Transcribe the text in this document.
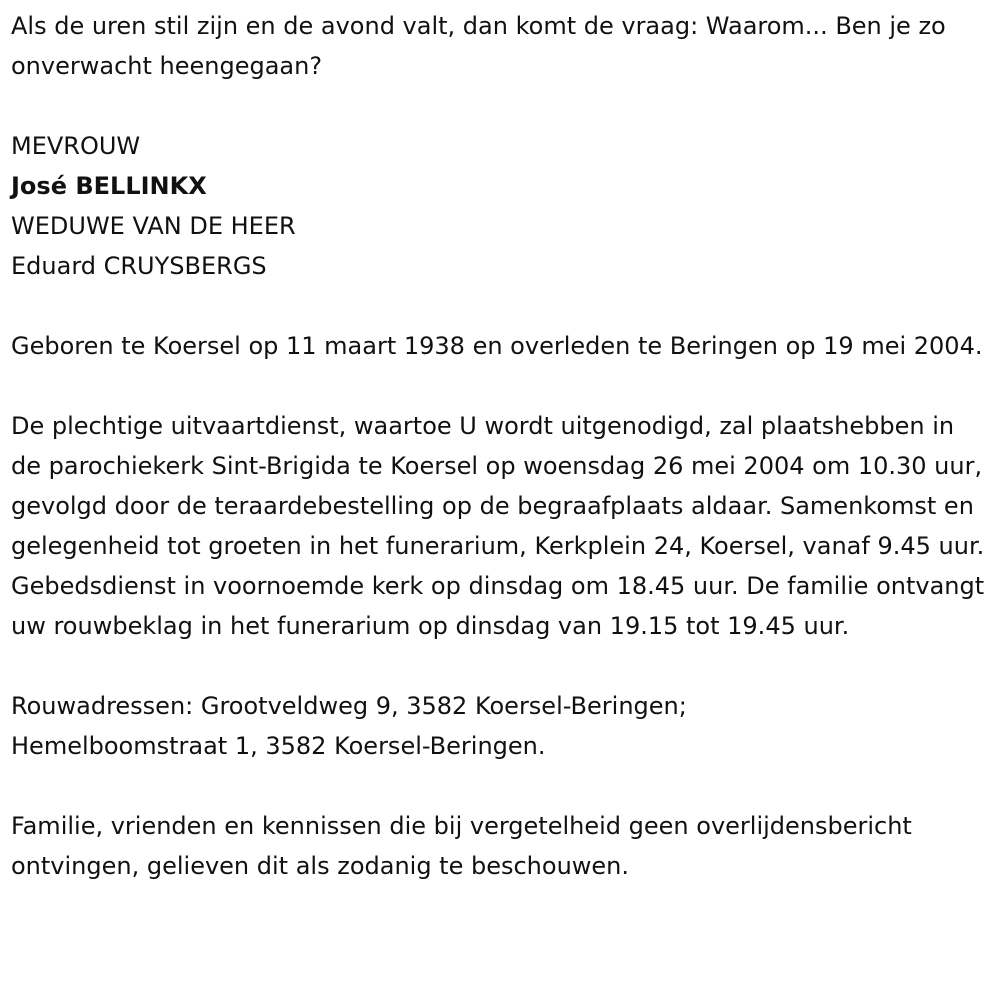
Als de uren stil zijn en de avond valt, dan komt de vraag: Waarom... Ben je zo onverwacht heengegaan?

MEVROUW
José BELLINKX
WEDUWE VAN DE HEER
Eduard CRUYSBERGS

Geboren te Koersel op 11 maart 1938 en overleden te Beringen op 19 mei 2004.

De plechtige uitvaartdienst, waartoe U wordt uitgenodigd, zal plaatshebben in de parochiekerk Sint-Brigida te Koersel op woensdag 26 mei 2004 om 10.30 uur, gevolgd door de teraardebestelling op de begraafplaats aldaar. Samenkomst en gelegenheid tot groeten in het funerarium, Kerkplein 24, Koersel, vanaf 9.45 uur. Gebedsdienst in voornoemde kerk op dinsdag om 18.45 uur. De familie ontvangt uw rouwbeklag in het funerarium op dinsdag van 19.15 tot 19.45 uur.

Rouwadressen: Grootveldweg 9, 3582 Koersel-Beringen;
Hemelboomstraat 1, 3582 Koersel-Beringen.

Familie, vrienden en kennissen die bij vergetelheid geen overlijdensbericht ontvingen, gelieven dit als zodanig te beschouwen.
